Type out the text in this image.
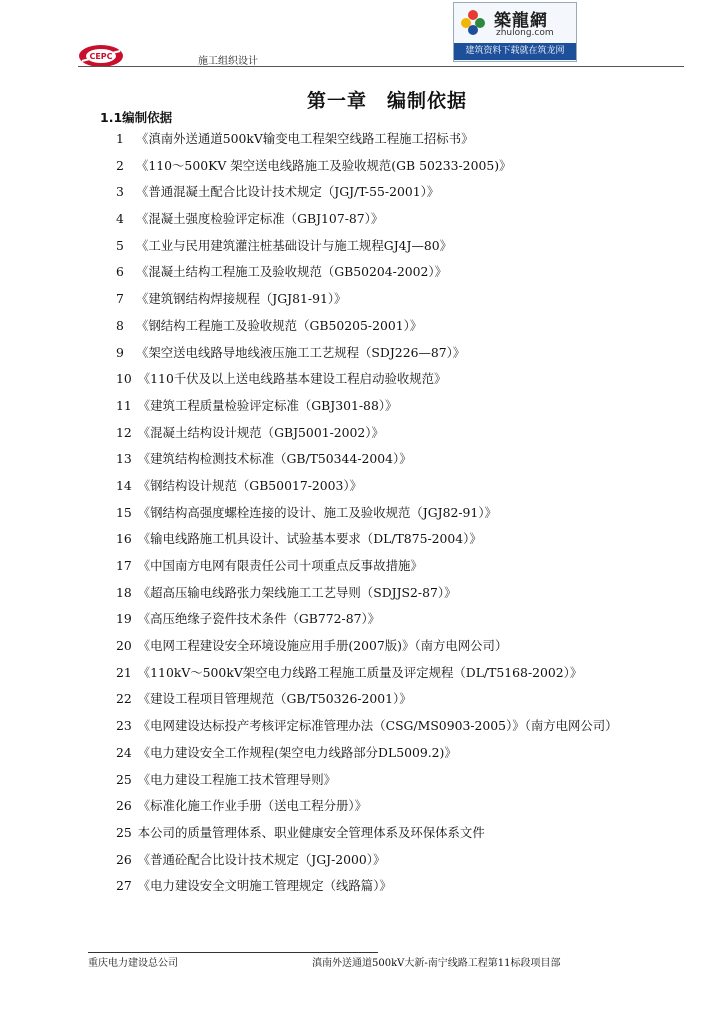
CEPC	施工组织设计
築龍網
zhulong.com
建筑资料下载就在筑龙网
第一章　编制依据
1.1编制依据
1 《滇南外送通道500kV输变电工程架空线路工程施工招标书》
2 《110～500KV 架空送电线路施工及验收规范(GB 50233-2005)》
3 《普通混凝土配合比设计技术规定（JGJ/T-55-2001）》
4 《混凝土强度检验评定标准（GBJ107-87）》
5 《工业与民用建筑灌注桩基础设计与施工规程GJ4J—80》
6 《混凝土结构工程施工及验收规范（GB50204-2002）》
7 《建筑钢结构焊接规程（JGJ81-91）》
8 《钢结构工程施工及验收规范（GB50205-2001）》
9 《架空送电线路导地线液压施工工艺规程（SDJ226—87）》
10 《110千伏及以上送电线路基本建设工程启动验收规范》
11 《建筑工程质量检验评定标准（GBJ301-88）》
12 《混凝土结构设计规范（GBJ5001-2002）》
13 《建筑结构检测技术标准（GB/T50344-2004）》
14 《钢结构设计规范（GB50017-2003）》
15 《钢结构高强度螺栓连接的设计、施工及验收规范（JGJ82-91）》
16 《输电线路施工机具设计、试验基本要求（DL/T875-2004）》
17 《中国南方电网有限责任公司十项重点反事故措施》
18 《超高压输电线路张力架线施工工艺导则（SDJJS2-87）》
19 《高压绝缘子瓷件技术条件（GB772-87）》
20 《电网工程建设安全环境设施应用手册(2007版)》（南方电网公司）
21 《110kV～500kV架空电力线路工程施工质量及评定规程（DL/T5168-2002）》
22 《建设工程项目管理规范（GB/T50326-2001）》
23 《电网建设达标投产考核评定标准管理办法（CSG/MS0903-2005）》（南方电网公司）
24 《电力建设安全工作规程(架空电力线路部分DL5009.2)》
25 《电力建设工程施工技术管理导则》
26 《标准化施工作业手册（送电工程分册）》
25 本公司的质量管理体系、职业健康安全管理体系及环保体系文件
26 《普通砼配合比设计技术规定（JGJ-2000）》
27 《电力建设安全文明施工管理规定（线路篇）》
重庆电力建设总公司	滇南外送通道500kV大新-南宁线路工程第11标段项目部
